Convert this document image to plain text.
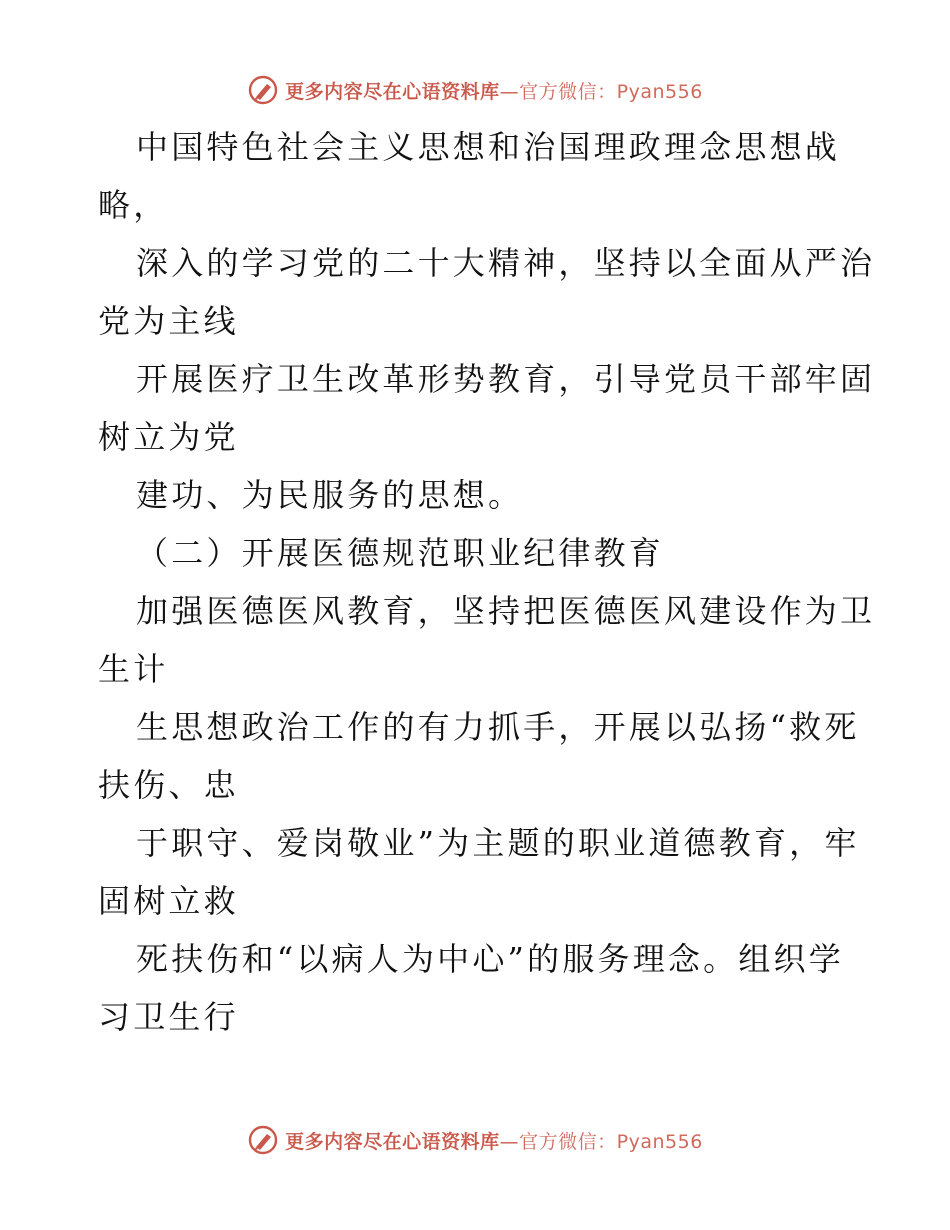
更多内容尽在心语资料库—官方微信：Pyan556
中国特色社会主义思想和治国理政理念思想战
略，
深入的学习党的二十大精神，坚持以全面从严治
党为主线
开展医疗卫生改革形势教育，引导党员干部牢固
树立为党
建功、为民服务的思想。
（二）开展医德规范职业纪律教育
加强医德医风教育，坚持把医德医风建设作为卫
生计
生思想政治工作的有力抓手，开展以弘扬“救死
扶伤、忠
于职守、爱岗敬业”为主题的职业道德教育，牢
固树立救
死扶伤和“以病人为中心”的服务理念。组织学
习卫生行
更多内容尽在心语资料库—官方微信：Pyan556
